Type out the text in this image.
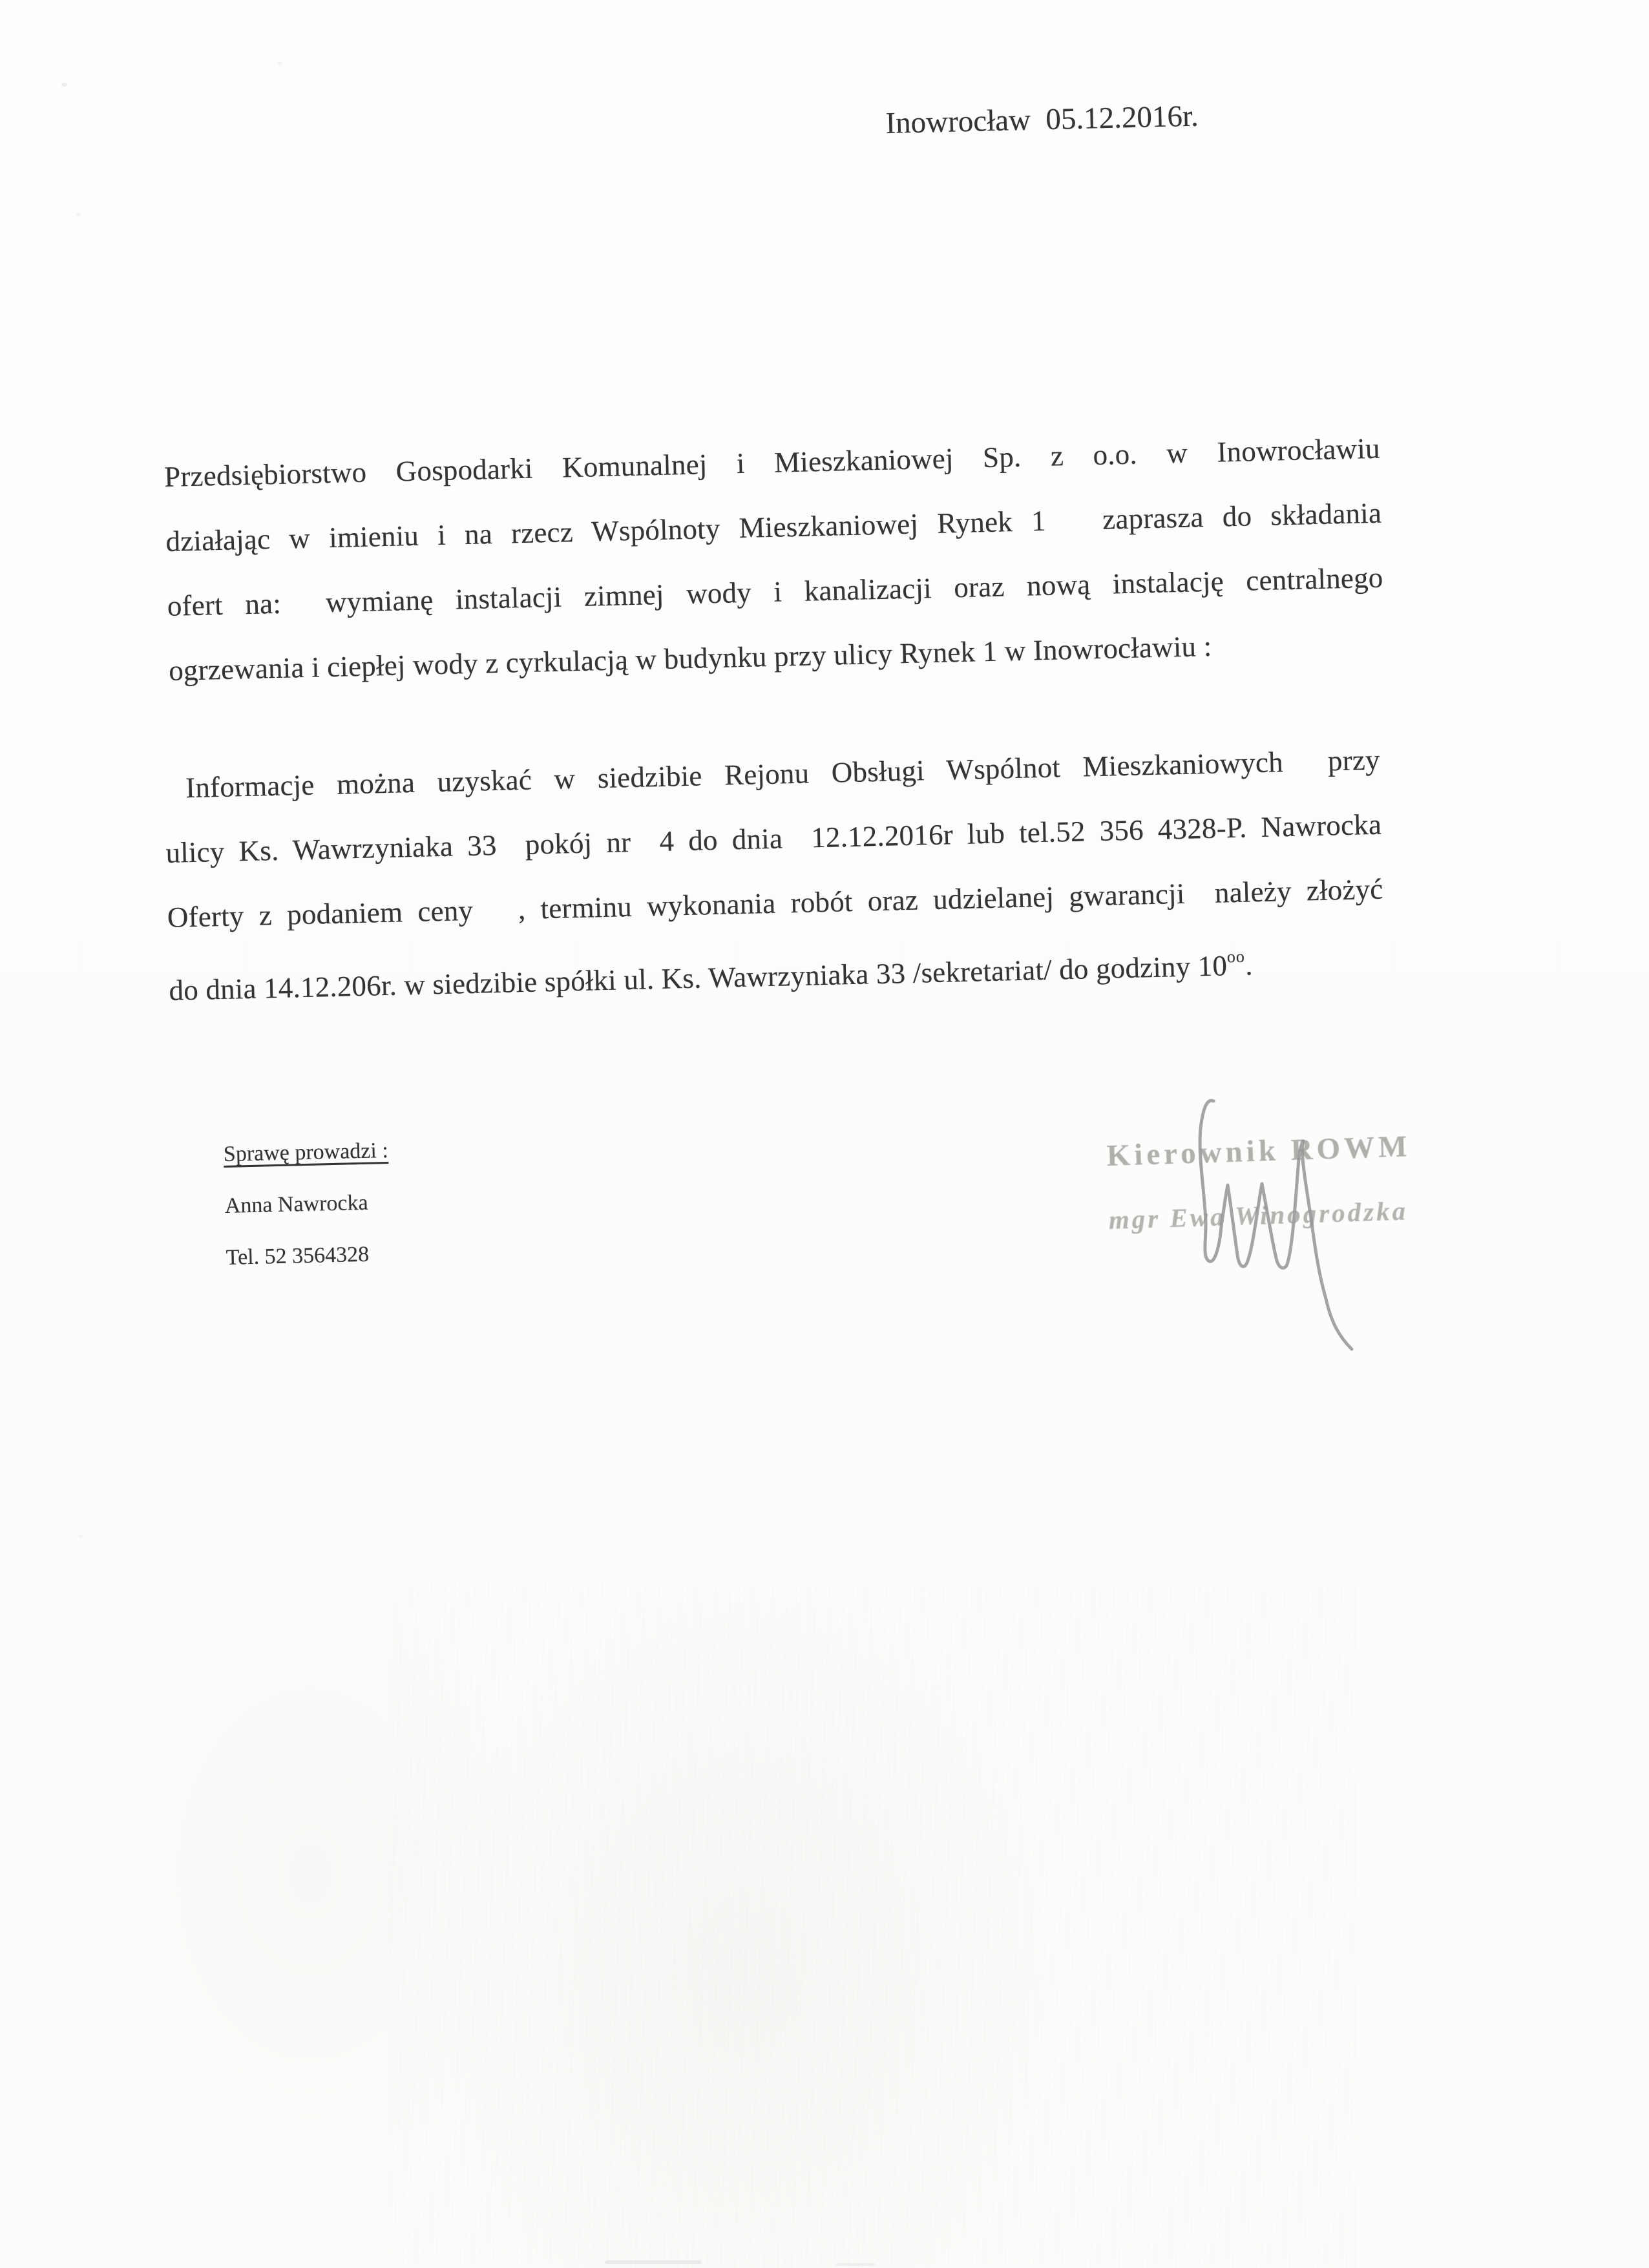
Inowrocław  05.12.2016r.
Przedsiębiorstwo Gospodarki Komunalnej i Mieszkaniowej Sp. z o.o. w Inowrocławiu
działając w imieniu i na rzecz Wspólnoty Mieszkaniowej Rynek 1   zaprasza do składania
ofert na:  wymianę instalacji zimnej wody i kanalizacji oraz nową instalację centralnego
ogrzewania i ciepłej wody z cyrkulacją w budynku przy ulicy Rynek 1 w Inowrocławiu :
Informacje można uzyskać w siedzibie Rejonu Obsługi Wspólnot Mieszkaniowych  przy
ulicy Ks. Wawrzyniaka 33  pokój nr  4 do dnia  12.12.2016r lub tel.52 356 4328-P. Nawrocka
Oferty z podaniem ceny   , terminu wykonania robót oraz udzielanej gwarancji  należy złożyć
do dnia 14.12.206r. w siedzibie spółki ul. Ks. Wawrzyniaka 33 /sekretariat/ do godziny $10^{oo}$.
Sprawę prowadzi :
Anna Nawrocka
Tel. 52 3564328
Kierownik ROWM
mgr Ewa Winogrodzka
